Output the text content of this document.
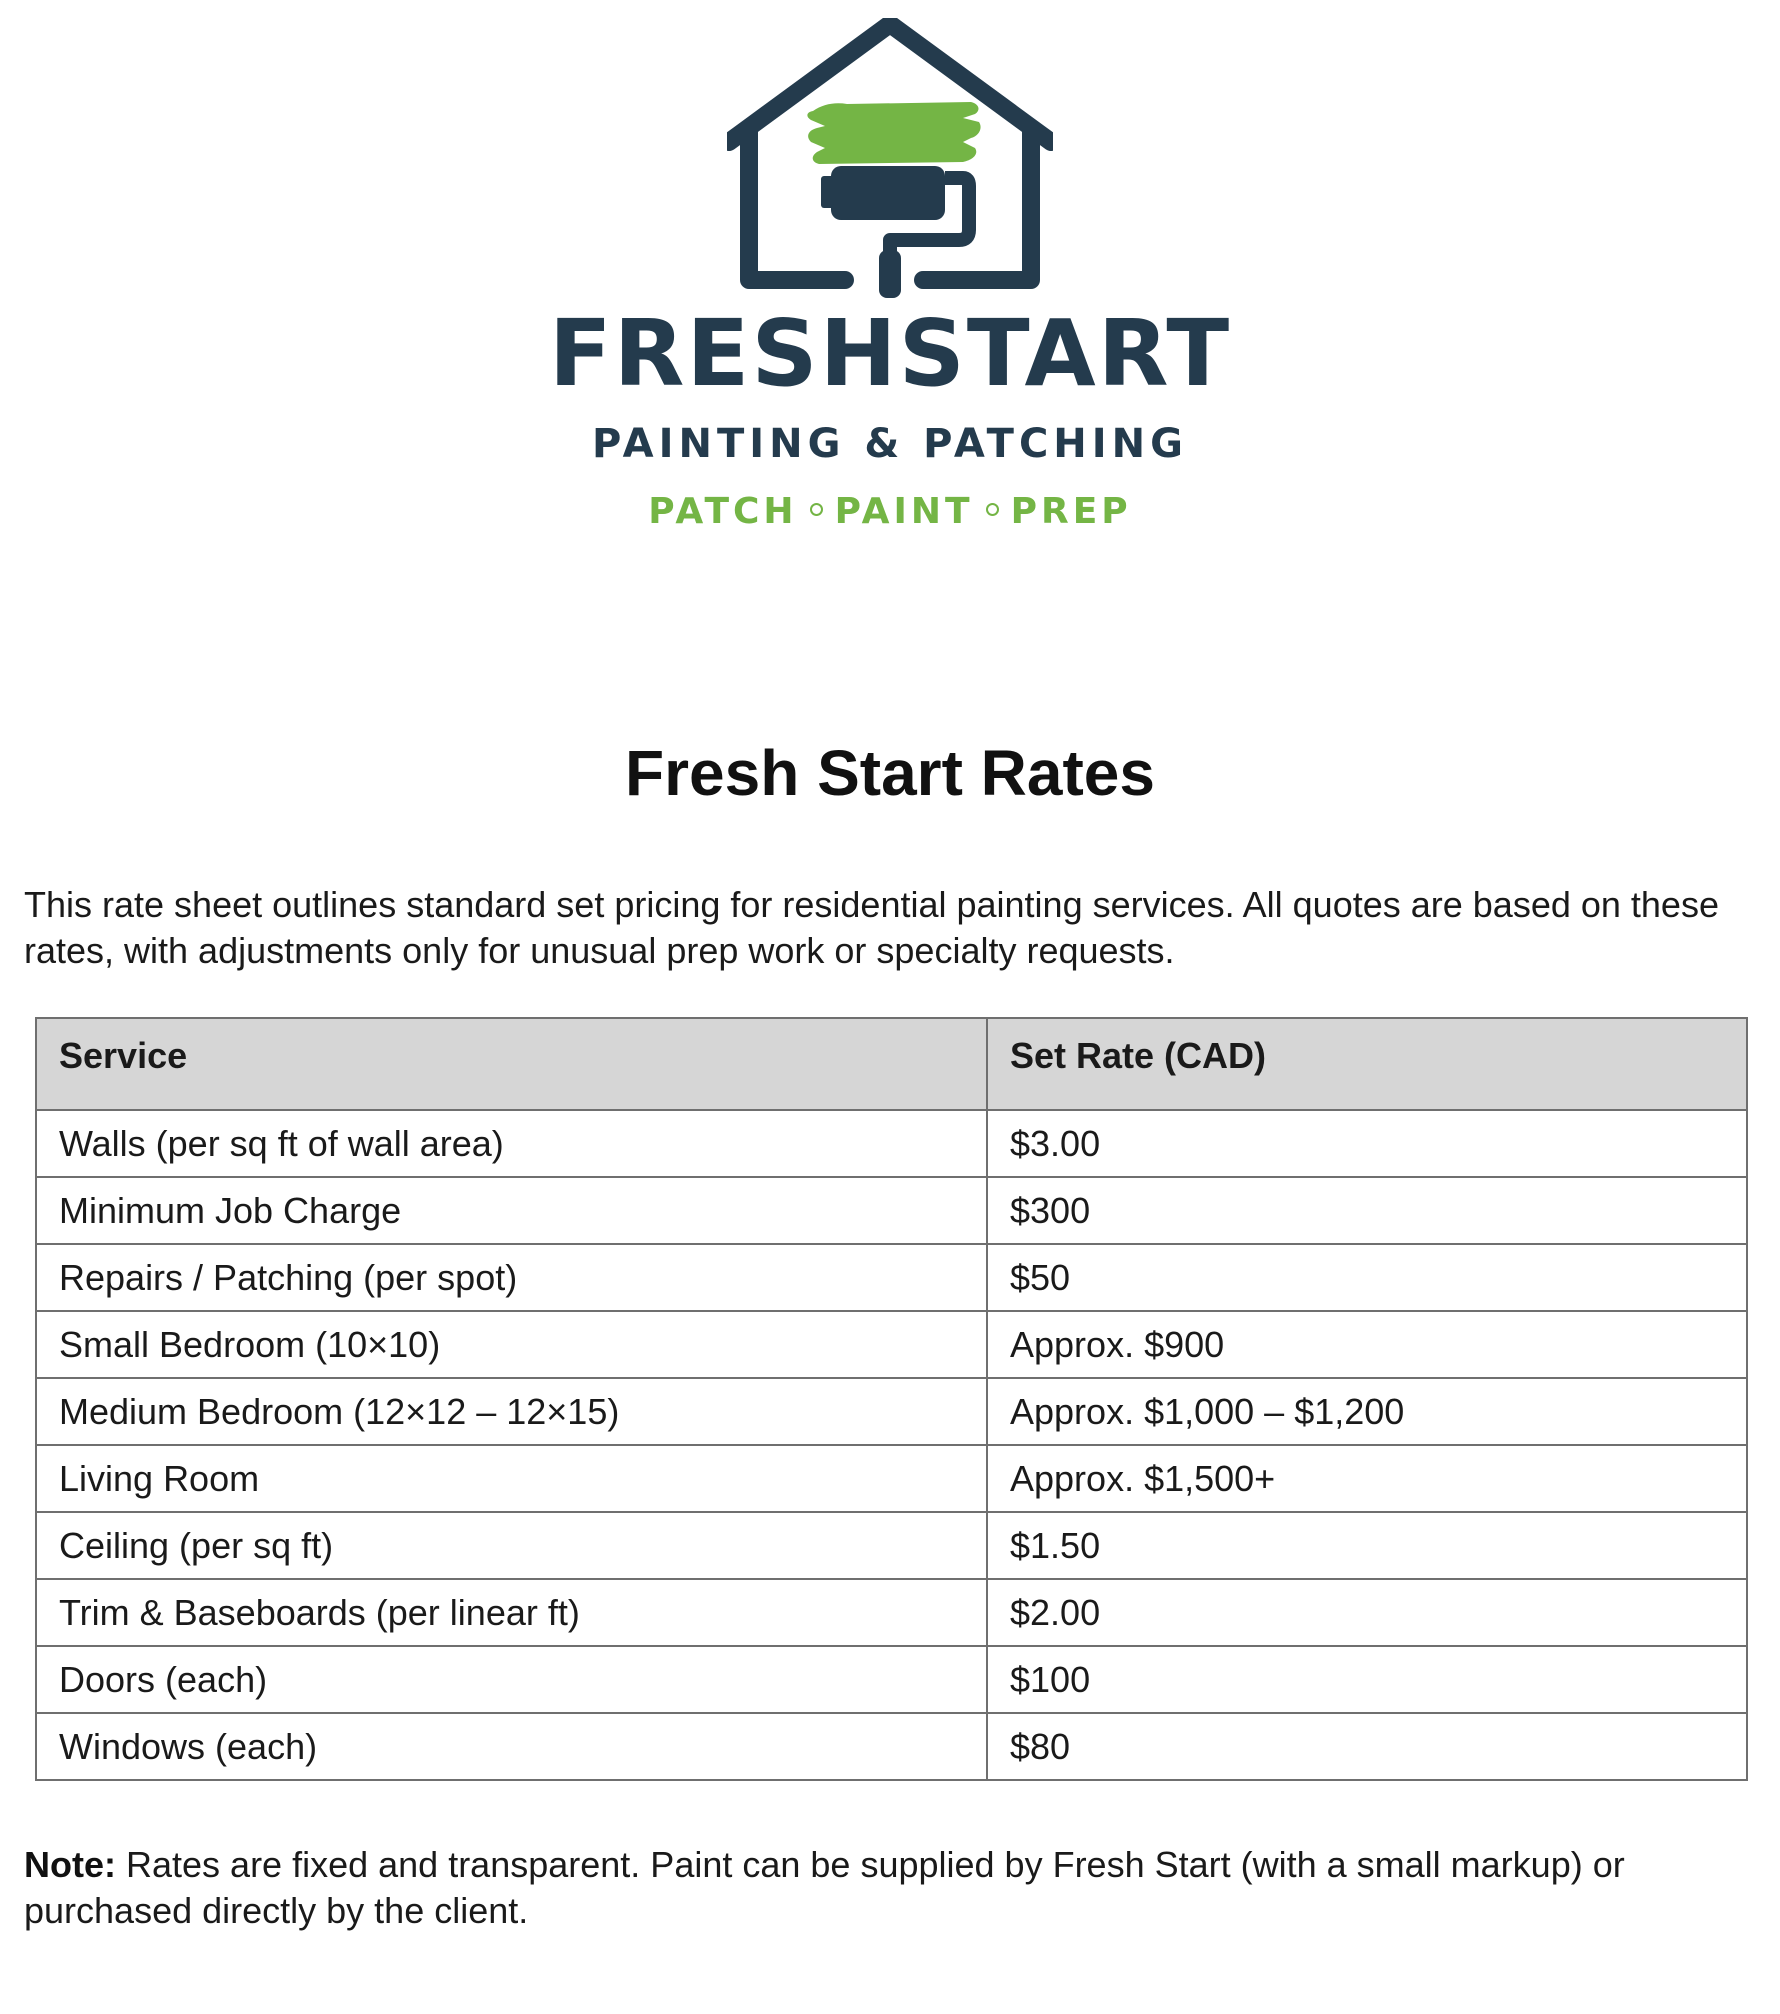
FRESHSTART
PAINTING & PATCHING
PATCH PAINT PREP
Fresh Start Rates

This rate sheet outlines standard set pricing for residential painting services. All quotes are based on these rates, with adjustments only for unusual prep work or specialty requests.

Service	Set Rate (CAD)
Walls (per sq ft of wall area)	$3.00
Minimum Job Charge	$300
Repairs / Patching (per spot)	$50
Small Bedroom (10×10)	Approx. $900
Medium Bedroom (12×12 – 12×15)	Approx. $1,000 – $1,200
Living Room	Approx. $1,500+
Ceiling (per sq ft)	$1.50
Trim & Baseboards (per linear ft)	$2.00
Doors (each)	$100
Windows (each)	$80

Note: Rates are fixed and transparent. Paint can be supplied by Fresh Start (with a small markup) or purchased directly by the client.
